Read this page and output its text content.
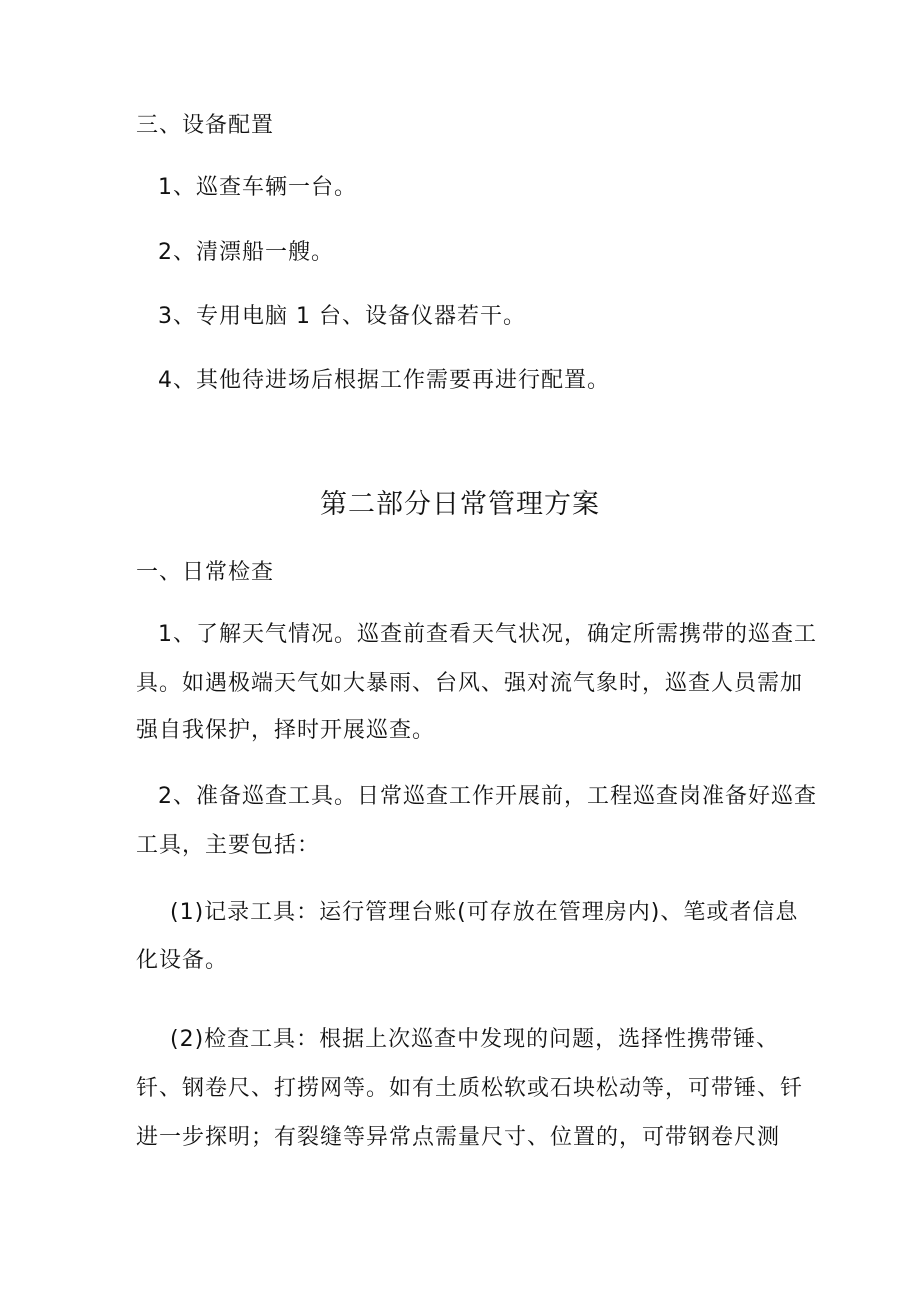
三、设备配置
1、巡查车辆一台。
2、清漂船一艘。
3、专用电脑 1 台、设备仪器若干。
4、其他待进场后根据工作需要再进行配置。
第二部分日常管理方案
一、日常检查
1、了解天气情况。巡查前查看天气状况，确定所需携带的巡查工
具。如遇极端天气如大暴雨、台风、强对流气象时，巡查人员需加
强自我保护，择时开展巡查。
2、准备巡查工具。日常巡查工作开展前，工程巡查岗准备好巡查
工具，主要包括：
(1)记录工具：运行管理台账(可存放在管理房内)、笔或者信息
化设备。
(2)检查工具：根据上次巡查中发现的问题，选择性携带锤、
钎、钢卷尺、打捞网等。如有土质松软或石块松动等，可带锤、钎
进一步探明；有裂缝等异常点需量尺寸、位置的，可带钢卷尺测
